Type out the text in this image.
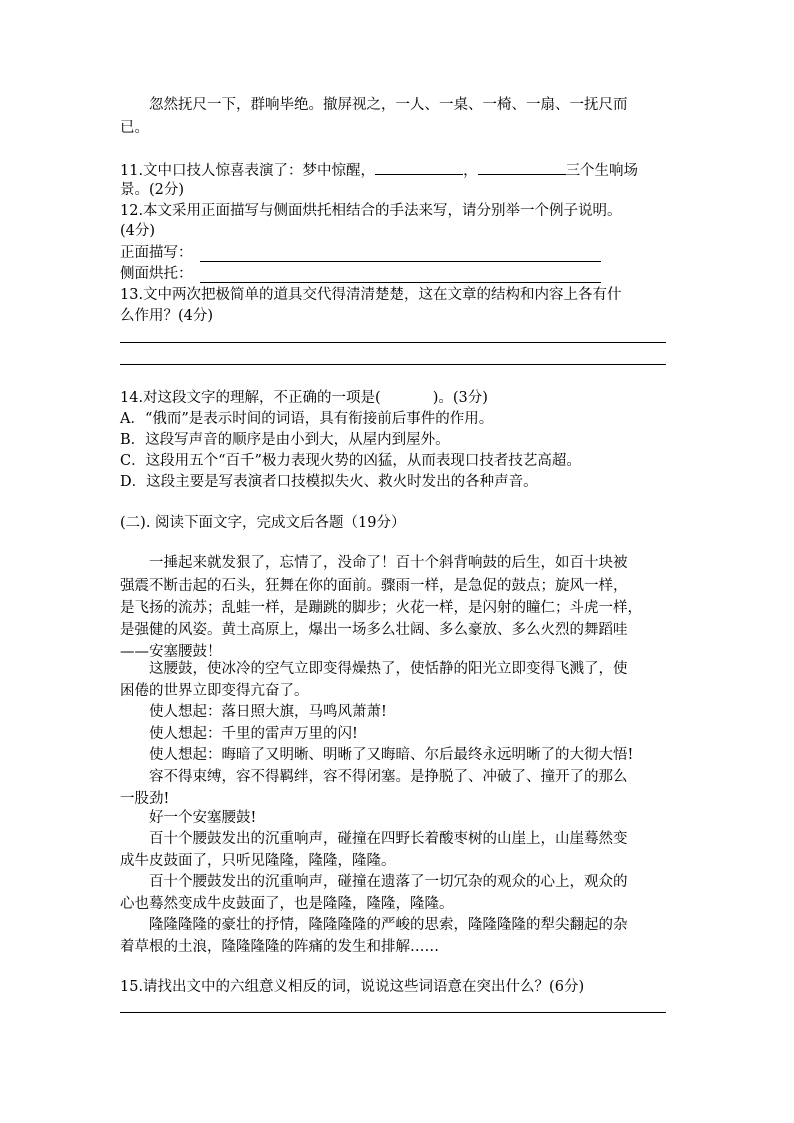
忽然抚尺一下，群响毕绝。撤屏视之，一人、一桌、一椅、一扇、一抚尺而
已。
11.文中口技人惊喜表演了：梦中惊醒，	，	三个生响场
景。(2分)
12.本文采用正面描写与侧面烘托相结合的手法来写，请分别举一个例子说明。
(4分)
正面描写：
侧面烘托：
13.文中两次把极简单的道具交代得清清楚楚，这在文章的结构和内容上各有什
么作用？(4分)
14.对这段文字的理解，不正确的一项是(	)。(3分)
A．“俄而”是表示时间的词语，具有衔接前后事件的作用。
B．这段写声音的顺序是由小到大，从屋内到屋外。
C．这段用五个“百千”极力表现火势的凶猛，从而表现口技者技艺高超。
D．这段主要是写表演者口技模拟失火、救火时发出的各种声音。
(二). 阅读下面文字，完成文后各题（19分）
一捶起来就发狠了，忘情了，没命了！百十个斜背响鼓的后生，如百十块被
强震不断击起的石头，狂舞在你的面前。骤雨一样，是急促的鼓点；旋风一样，
是飞扬的流苏；乱蛙一样，是蹦跳的脚步；火花一样，是闪射的瞳仁；斗虎一样，
是强健的风姿。黄土高原上，爆出一场多么壮阔、多么豪放、多么火烈的舞蹈哇
——安塞腰鼓！
这腰鼓，使冰冷的空气立即变得燥热了，使恬静的阳光立即变得飞溅了，使
困倦的世界立即变得亢奋了。
使人想起：落日照大旗，马鸣风萧萧!
使人想起：千里的雷声万里的闪!
使人想起：晦暗了又明晰、明晰了又晦暗、尔后最终永远明晰了的大彻大悟!
容不得束缚，容不得羁绊，容不得闭塞。是挣脱了、冲破了、撞开了的那么
一股劲!
好一个安塞腰鼓!
百十个腰鼓发出的沉重响声，碰撞在四野长着酸枣树的山崖上，山崖蓦然变
成牛皮鼓面了，只听见隆隆，隆隆，隆隆。
百十个腰鼓发出的沉重响声，碰撞在遗落了一切冗杂的观众的心上，观众的
心也蓦然变成牛皮鼓面了，也是隆隆，隆隆，隆隆。
隆隆隆隆的豪壮的抒情，隆隆隆隆的严峻的思索，隆隆隆隆的犁尖翻起的杂
着草根的土浪，隆隆隆隆的阵痛的发生和排解……
15.请找出文中的六组意义相反的词，说说这些词语意在突出什么？(6分)
